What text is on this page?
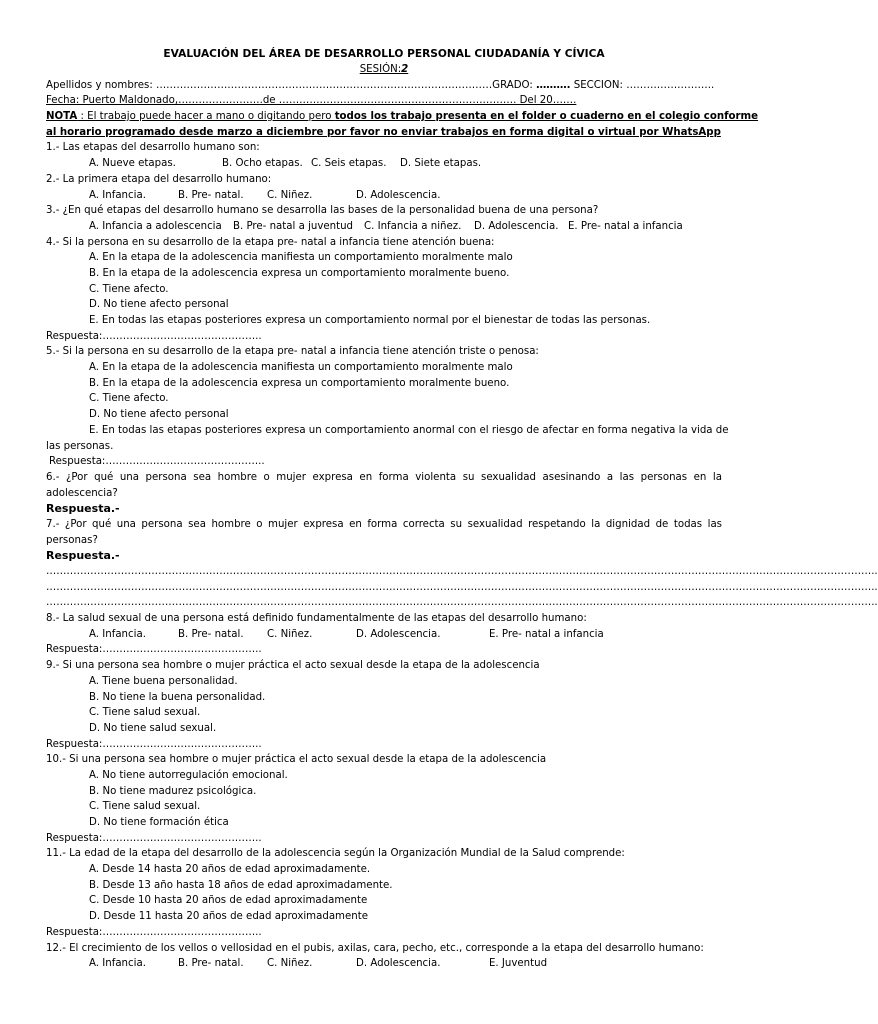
EVALUACIÓN DEL ÁREA DE DESARROLLO PERSONAL CIUDADANÍA Y CÍVICA
SESIÓN:2
Apellidos y nombres: ………………………………………………………………………………………GRADO: ………. SECCION: ……………………..
Fecha: Puerto Maldonado,…………………….de ……………………………………………………………. Del 20…….
NOTA : El trabajo puede hacer a mano o digitando pero todos los trabajo presenta en el folder o cuaderno en el colegio conforme
al horario programado desde marzo a diciembre por favor no enviar trabajos en forma digital o virtual por WhatsApp
1.- Las etapas del desarrollo humano son:
A. Nueve etapas.	B. Ocho etapas. C. Seis etapas. D. Siete etapas.
2.- La primera etapa del desarrollo humano:
A. Infancia.	B. Pre- natal. C. Niñez.	D. Adolescencia.
3.- ¿En qué etapas del desarrollo humano se desarrolla las bases de la personalidad buena de una persona?
A. Infancia a adolescencia B. Pre- natal a juventud C. Infancia a niñez. D. Adolescencia. E. Pre- natal a infancia
4.- Si la persona en su desarrollo de la etapa pre- natal a infancia tiene atención buena:
A. En la etapa de la adolescencia manifiesta un comportamiento moralmente malo
B. En la etapa de la adolescencia expresa un comportamiento moralmente bueno.
C. Tiene afecto.
D. No tiene afecto personal
E. En todas las etapas posteriores expresa un comportamiento normal por el bienestar de todas las personas.
Respuesta:………………………………………..
5.- Si la persona en su desarrollo de la etapa pre- natal a infancia tiene atención triste o penosa:
A. En la etapa de la adolescencia manifiesta un comportamiento moralmente malo
B. En la etapa de la adolescencia expresa un comportamiento moralmente bueno.
C. Tiene afecto.
D. No tiene afecto personal
E. En todas las etapas posteriores expresa un comportamiento anormal con el riesgo de afectar en forma negativa la vida de
las personas.
Respuesta:………………………………………..
6.- ¿Por qué una persona sea hombre o mujer expresa en forma violenta su sexualidad asesinando a las personas en la
adolescencia?
Respuesta.-
7.- ¿Por qué una persona sea hombre o mujer expresa en forma correcta su sexualidad respetando la dignidad de todas las
personas?
Respuesta.-
………………………………………………………………………………………………………………………………………………………………………………………………………………………..
………………………………………………………………………………………………………………………………………………………………………………………………………………………..
………………………………………………………………………………………………………………………………………………………………………………………………………………………..
8.- La salud sexual de una persona está definido fundamentalmente de las etapas del desarrollo humano:
A. Infancia.	B. Pre- natal. C. Niñez.	D. Adolescencia.	E. Pre- natal a infancia
Respuesta:………………………………………..
9.- Si una persona sea hombre o mujer práctica el acto sexual desde la etapa de la adolescencia
A. Tiene buena personalidad.
B. No tiene la buena personalidad.
C. Tiene salud sexual.
D. No tiene salud sexual.
Respuesta:………………………………………..
10.- Si una persona sea hombre o mujer práctica el acto sexual desde la etapa de la adolescencia
A. No tiene autorregulación emocional.
B. No tiene madurez psicológica.
C. Tiene salud sexual.
D. No tiene formación ética
Respuesta:………………………………………..
11.- La edad de la etapa del desarrollo de la adolescencia según la Organización Mundial de la Salud comprende:
A. Desde 14 hasta 20 años de edad aproximadamente.
B. Desde 13 año hasta 18 años de edad aproximadamente.
C. Desde 10 hasta 20 años de edad aproximadamente
D. Desde 11 hasta 20 años de edad aproximadamente
Respuesta:………………………………………..
12.- El crecimiento de los vellos o vellosidad en el pubis, axilas, cara, pecho, etc., corresponde a la etapa del desarrollo humano:
A. Infancia.	B. Pre- natal. C. Niñez.	D. Adolescencia.	E. Juventud
